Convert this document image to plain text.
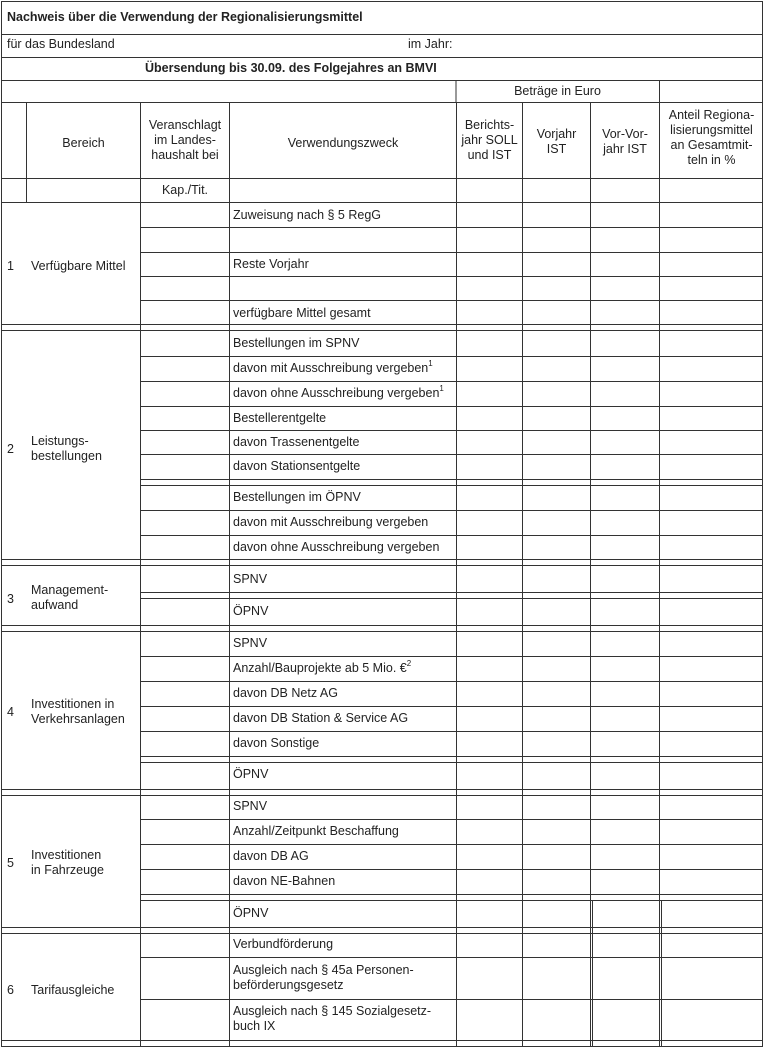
Nachweis über die Verwendung der Regionalisierungsmittel
für das Bundesland	im Jahr:
Übersendung bis 30.09. des Folgejahres an BMVI
Beträge in Euro
Bereich
Veranschlagt
im Landes-
haushalt bei
Kap./Tit.
Verwendungszweck
Berichts-
jahr SOLL
und IST
Vorjahr
IST
Vor-Vor-
jahr IST
Anteil Regiona-
lisierungsmittel
an Gesamtmit-
teln in %
1 Verfügbare Mittel
Zuweisung nach § 5 RegG
Reste Vorjahr
verfügbare Mittel gesamt
2
Leistungs-
bestellungen
Bestellungen im SPNV
davon mit Ausschreibung vergeben$^1$
davon ohne Ausschreibung vergeben$^1$
Bestellerentgelte
davon Trassenentgelte
davon Stationsentgelte
Bestellungen im ÖPNV
davon mit Ausschreibung vergeben
davon ohne Ausschreibung vergeben
3
Management-
aufwand
SPNV
ÖPNV
4
Investitionen in
Verkehrsanlagen
SPNV
Anzahl/Bauprojekte ab 5 Mio. €$^2$
davon DB Netz AG
davon DB Station & Service AG
davon Sonstige
ÖPNV
5
Investitionen
in Fahrzeuge
SPNV
Anzahl/Zeitpunkt Beschaffung
davon DB AG
davon NE-Bahnen
ÖPNV
6 Tarifausgleiche
Verbundförderung
Ausgleich nach § 45a Personen-
beförderungsgesetz
Ausgleich nach § 145 Sozialgesetz-
buch IX
